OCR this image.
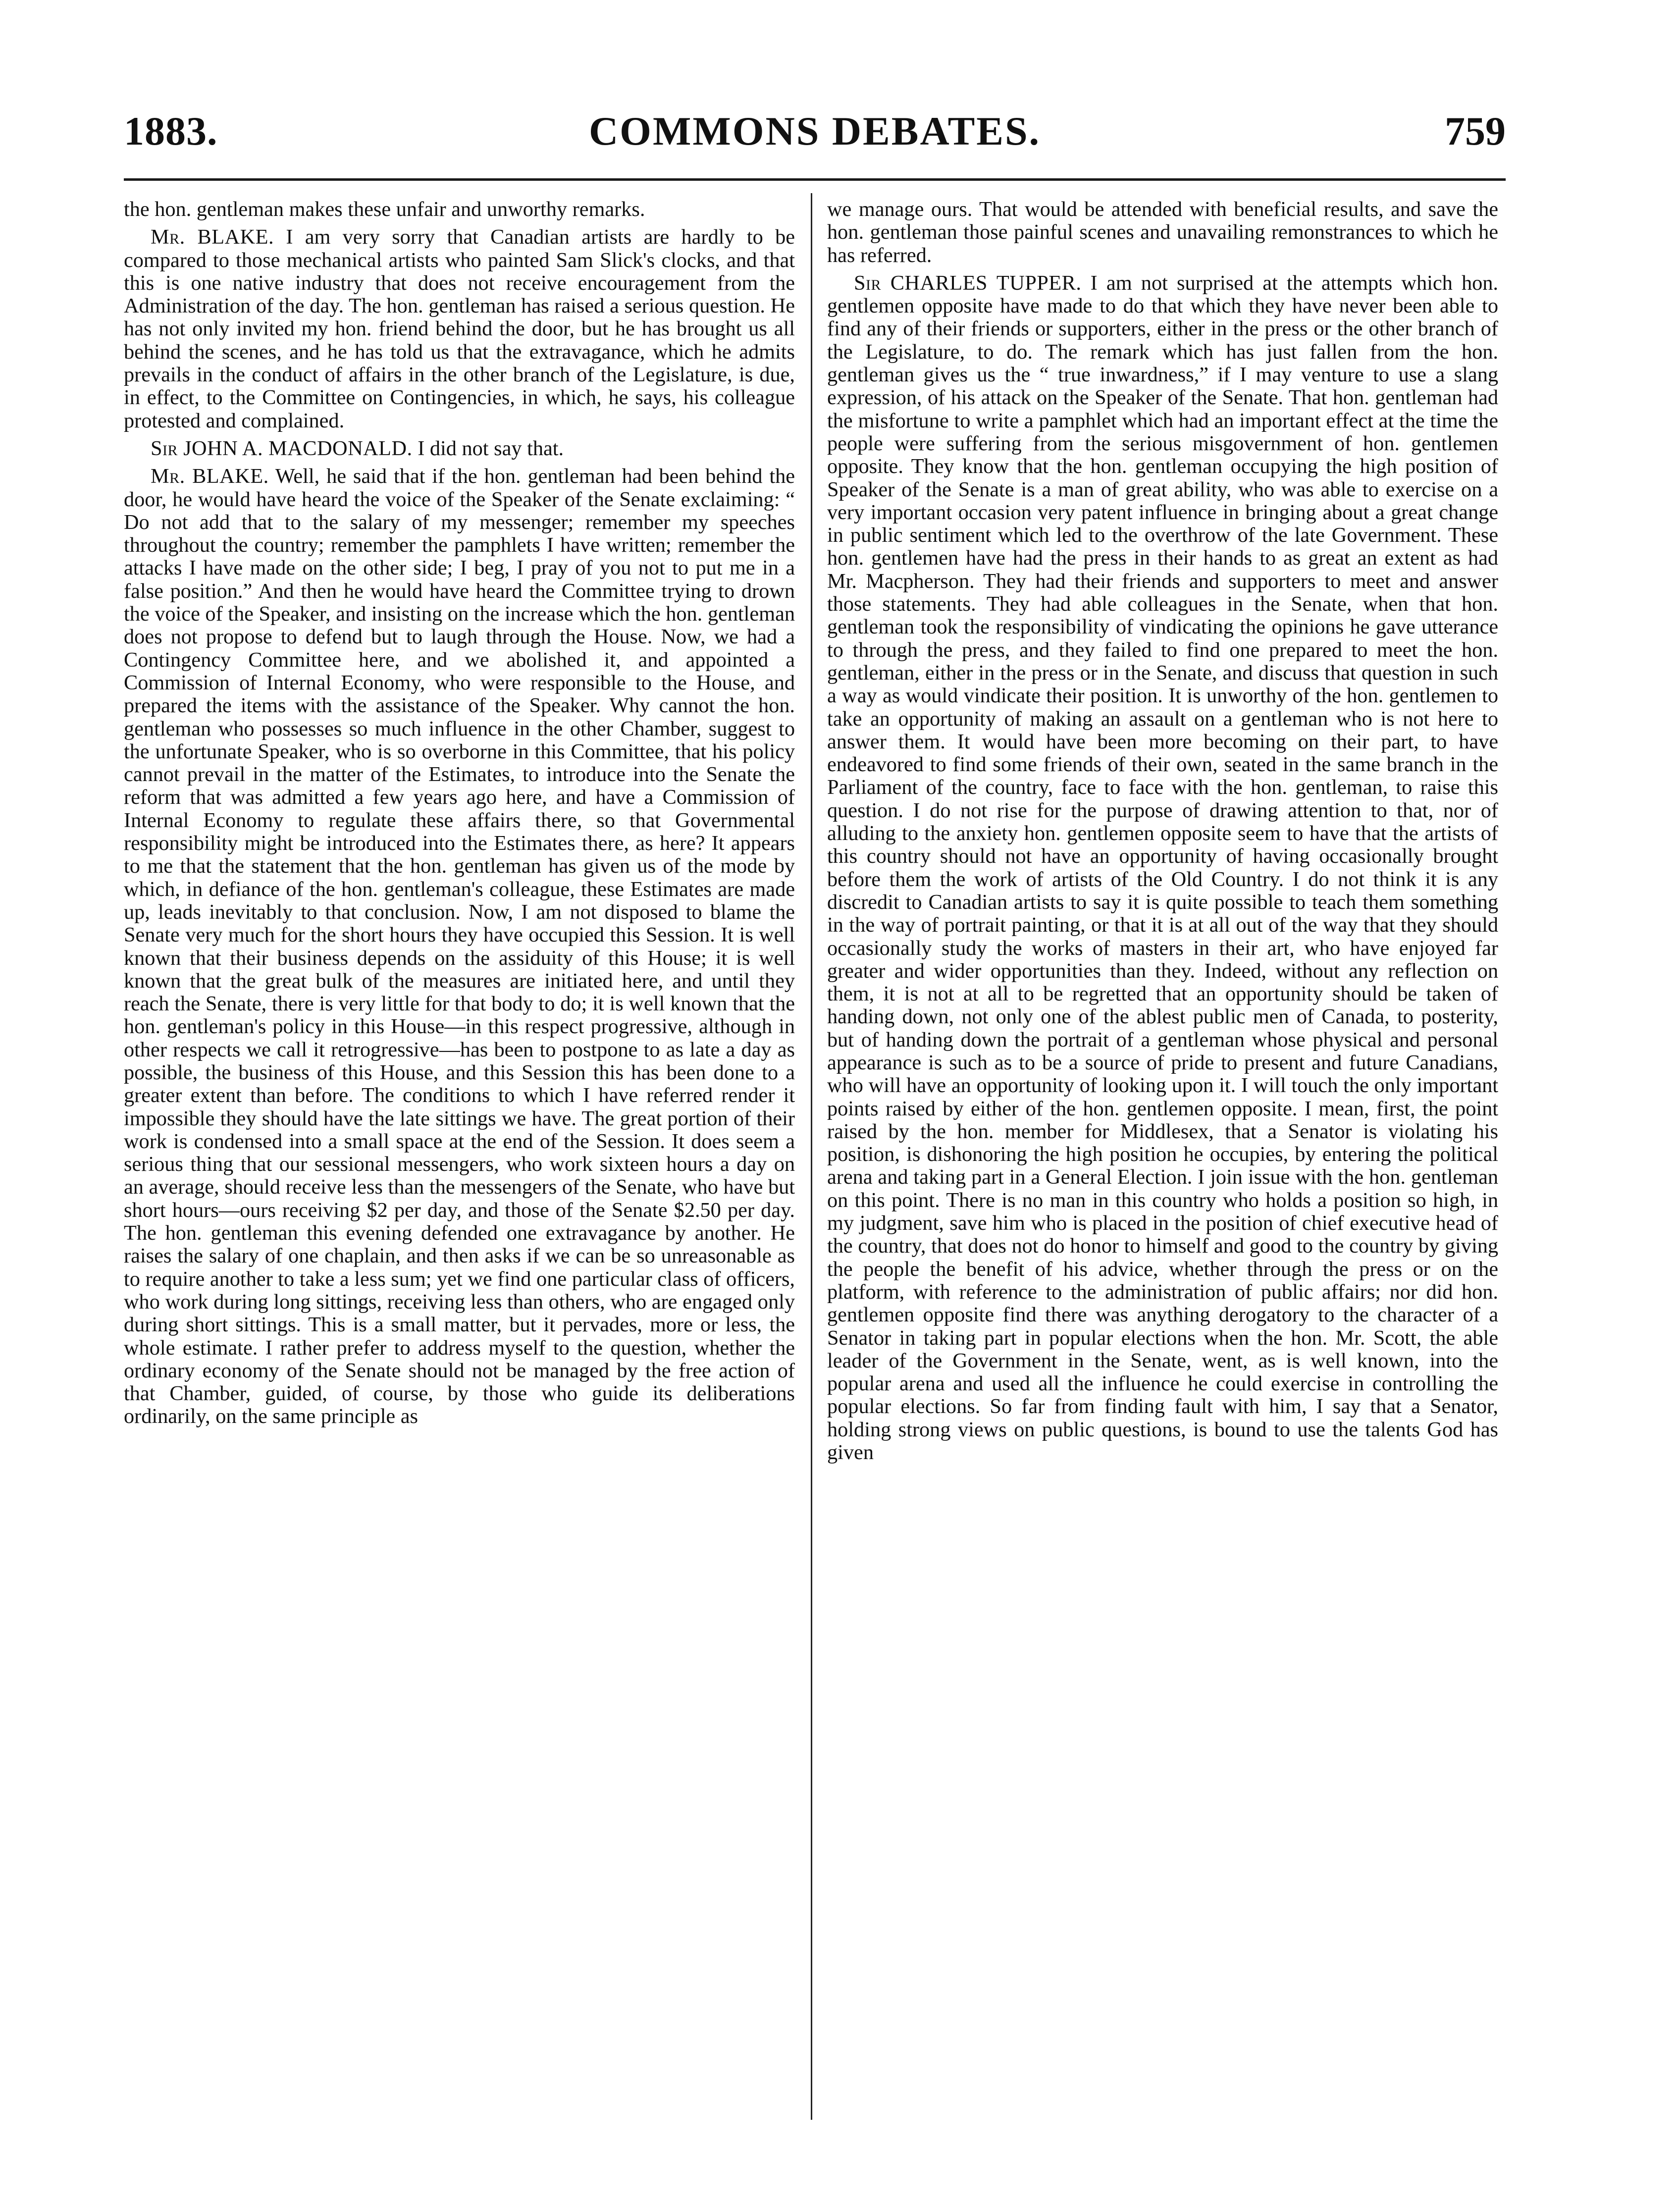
1883.	COMMONS DEBATES.	759

the hon. gentleman makes these unfair and unworthy remarks.

Mr. BLAKE. I am very sorry that Canadian artists are hardly to be compared to those mechanical artists who painted Sam Slick's clocks, and that this is one native industry that does not receive encouragement from the Administration of the day. The hon. gentleman has raised a serious question. He has not only invited my hon. friend behind the door, but he has brought us all behind the scenes, and he has told us that the extravagance, which he admits prevails in the conduct of affairs in the other branch of the Legislature, is due, in effect, to the Committee on Contingencies, in which, he says, his colleague protested and complained.

Sir JOHN A. MACDONALD. I did not say that.

Mr. BLAKE. Well, he said that if the hon. gentleman had been behind the door, he would have heard the voice of the Speaker of the Senate exclaiming: “ Do not add that to the salary of my messenger; remember my speeches throughout the country; remember the pamphlets I have written; remember the attacks I have made on the other side; I beg, I pray of you not to put me in a false position.” And then he would have heard the Committee trying to drown the voice of the Speaker, and insisting on the increase which the hon. gentleman does not propose to defend but to laugh through the House. Now, we had a Contingency Committee here, and we abolished it, and appointed a Commission of Internal Economy, who were responsible to the House, and prepared the items with the assistance of the Speaker. Why cannot the hon. gentleman who possesses so much influence in the other Chamber, suggest to the unfortunate Speaker, who is so overborne in this Committee, that his policy cannot prevail in the matter of the Estimates, to introduce into the Senate the reform that was admitted a few years ago here, and have a Commission of Internal Economy to regulate these affairs there, so that Governmental responsibility might be introduced into the Estimates there, as here? It appears to me that the statement that the hon. gentleman has given us of the mode by which, in defiance of the hon. gentleman's colleague, these Estimates are made up, leads inevitably to that conclusion. Now, I am not disposed to blame the Senate very much for the short hours they have occupied this Session. It is well known that their business depends on the assiduity of this House; it is well known that the great bulk of the measures are initiated here, and until they reach the Senate, there is very little for that body to do; it is well known that the hon. gentleman's policy in this House—in this respect progressive, although in other respects we call it retrogressive—has been to postpone to as late a day as possible, the business of this House, and this Session this has been done to a greater extent than before. The conditions to which I have referred render it impossible they should have the late sittings we have. The great portion of their work is condensed into a small space at the end of the Session. It does seem a serious thing that our sessional messengers, who work sixteen hours a day on an average, should receive less than the messengers of the Senate, who have but short hours—ours receiving $2 per day, and those of the Senate $2.50 per day. The hon. gentleman this evening defended one extravagance by another. He raises the salary of one chaplain, and then asks if we can be so unreasonable as to require another to take a less sum; yet we find one particular class of officers, who work during long sittings, receiving less than others, who are engaged only during short sittings. This is a small matter, but it pervades, more or less, the whole estimate. I rather prefer to address myself to the question, whether the ordinary economy of the Senate should not be managed by the free action of that Chamber, guided, of course, by those who guide its deliberations ordinarily, on the same principle as

we manage ours. That would be attended with beneficial results, and save the hon. gentleman those painful scenes and unavailing remonstrances to which he has referred.

Sir CHARLES TUPPER. I am not surprised at the attempts which hon. gentlemen opposite have made to do that which they have never been able to find any of their friends or supporters, either in the press or the other branch of the Legislature, to do. The remark which has just fallen from the hon. gentleman gives us the “ true inwardness,” if I may venture to use a slang expression, of his attack on the Speaker of the Senate. That hon. gentleman had the misfortune to write a pamphlet which had an important effect at the time the people were suffering from the serious misgovernment of hon. gentlemen opposite. They know that the hon. gentleman occupying the high position of Speaker of the Senate is a man of great ability, who was able to exercise on a very important occasion very patent influence in bringing about a great change in public sentiment which led to the overthrow of the late Government. These hon. gentlemen have had the press in their hands to as great an extent as had Mr. Macpherson. They had their friends and supporters to meet and answer those statements. They had able colleagues in the Senate, when that hon. gentleman took the responsibility of vindicating the opinions he gave utterance to through the press, and they failed to find one prepared to meet the hon. gentleman, either in the press or in the Senate, and discuss that question in such a way as would vindicate their position. It is unworthy of the hon. gentlemen to take an opportunity of making an assault on a gentleman who is not here to answer them. It would have been more becoming on their part, to have endeavored to find some friends of their own, seated in the same branch in the Parliament of the country, face to face with the hon. gentleman, to raise this question. I do not rise for the purpose of drawing attention to that, nor of alluding to the anxiety hon. gentlemen opposite seem to have that the artists of this country should not have an opportunity of having occasionally brought before them the work of artists of the Old Country. I do not think it is any discredit to Canadian artists to say it is quite possible to teach them something in the way of portrait painting, or that it is at all out of the way that they should occasionally study the works of masters in their art, who have enjoyed far greater and wider opportunities than they. Indeed, without any reflection on them, it is not at all to be regretted that an opportunity should be taken of handing down, not only one of the ablest public men of Canada, to posterity, but of handing down the portrait of a gentleman whose physical and personal appearance is such as to be a source of pride to present and future Canadians, who will have an opportunity of looking upon it. I will touch the only important points raised by either of the hon. gentlemen opposite. I mean, first, the point raised by the hon. member for Middlesex, that a Senator is violating his position, is dishonoring the high position he occupies, by entering the political arena and taking part in a General Election. I join issue with the hon. gentleman on this point. There is no man in this country who holds a position so high, in my judgment, save him who is placed in the position of chief executive head of the country, that does not do honor to himself and good to the country by giving the people the benefit of his advice, whether through the press or on the platform, with reference to the administration of public affairs; nor did hon. gentlemen opposite find there was anything derogatory to the character of a Senator in taking part in popular elections when the hon. Mr. Scott, the able leader of the Government in the Senate, went, as is well known, into the popular arena and used all the influence he could exercise in controlling the popular elections. So far from finding fault with him, I say that a Senator, holding strong views on public questions, is bound to use the talents God has given
